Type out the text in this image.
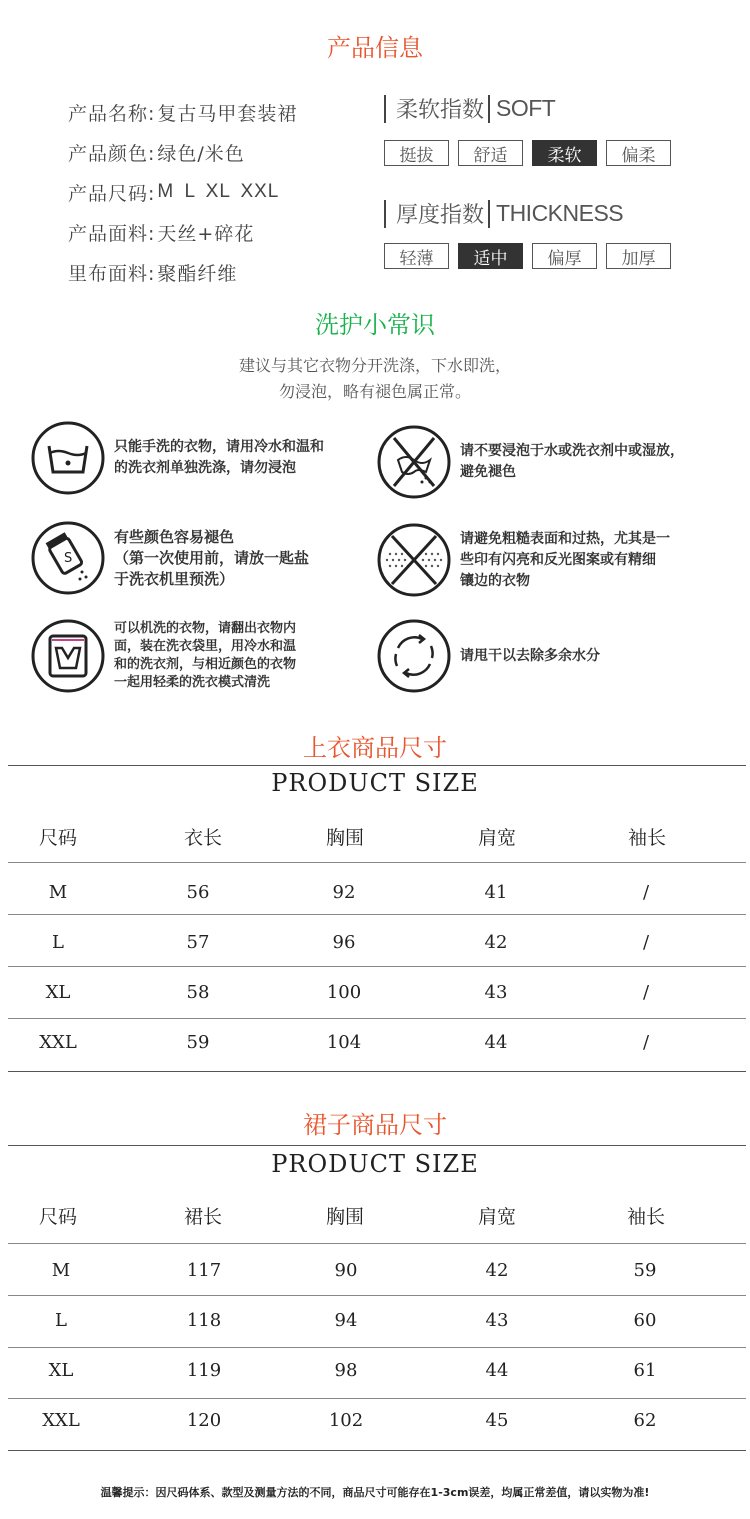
产品信息
产品名称: 复古马甲套装裙
产品颜色: 绿色/米色
产品尺码: M L XL XXL
产品面料: 天丝+碎花
里布面料: 聚酯纤维
柔软指数 SOFT
挺拔	舒适	柔软	偏柔
厚度指数 THICKNESS
轻薄	适中	偏厚	加厚
洗护小常识
建议与其它衣物分开洗涤，下水即洗，
勿浸泡，略有褪色属正常。
只能手洗的衣物，请用冷水和温和
的洗衣剂单独洗涤，请勿浸泡
请不要浸泡于水或洗衣剂中或湿放，
避免褪色
S
有些颜色容易褪色
（第一次使用前，请放一匙盐
于洗衣机里预洗）
请避免粗糙表面和过热，尤其是一
些印有闪亮和反光图案或有精细
镶边的衣物
可以机洗的衣物，请翻出衣物内
面，装在洗衣袋里，用冷水和温
和的洗衣剂，与相近颜色的衣物
一起用轻柔的洗衣模式清洗
请甩干以去除多余水分
上衣商品尺寸
PRODUCT SIZE
尺码	衣长	胸围	肩宽	袖长
M	56	92	41	/
L	57	96	42	/
XL	58	100	43	/
XXL	59	104	44	/
裙子商品尺寸
PRODUCT SIZE
尺码	裙长	胸围	肩宽	袖长
M	117	90	42	59
L	118	94	43	60
XL	119	98	44	61
XXL	120	102	45	62
温馨提示：因尺码体系、款型及测量方法的不同，商品尺寸可能存在1-3cm误差，均属正常差值，请以实物为准!
